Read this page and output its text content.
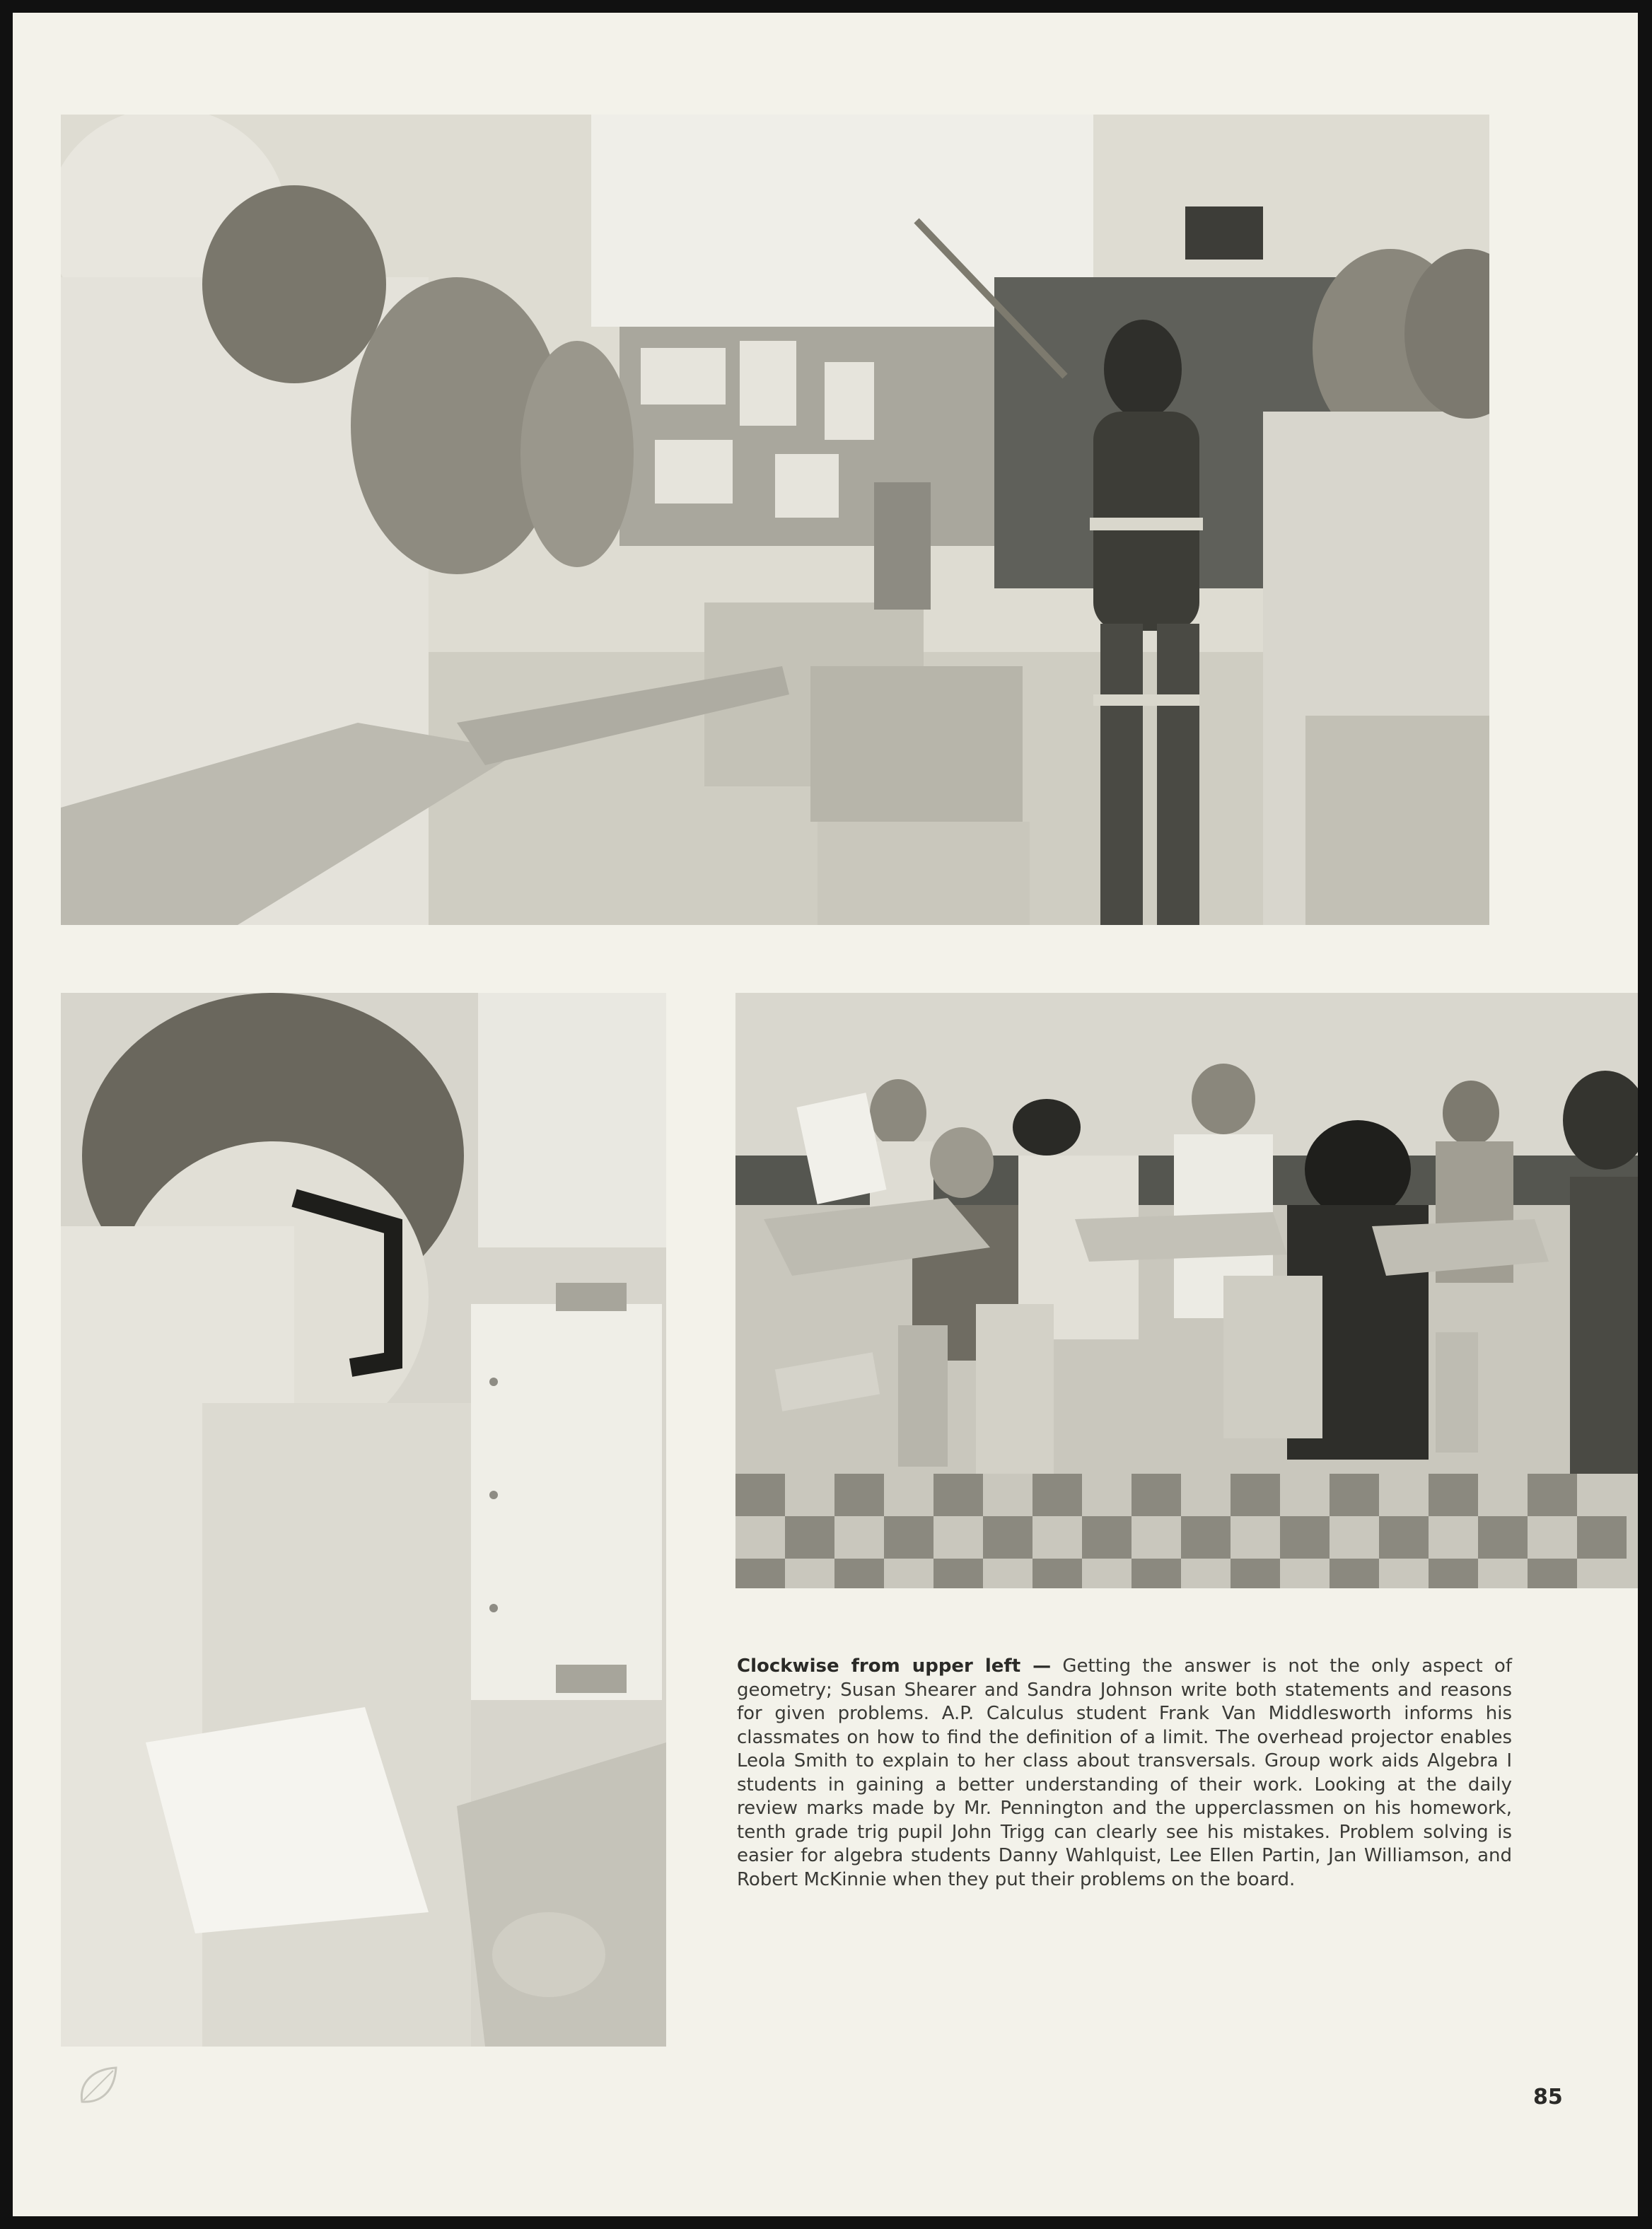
Clockwise from upper left — Getting the answer is not the only aspect of geometry; Susan Shearer and Sandra Johnson write both statements and reasons for given problems. A.P. Calculus student Frank Van Middlesworth informs his classmates on how to find the definition of a limit. The overhead projector enables Leola Smith to explain to her class about transversals. Group work aids Algebra I students in gaining a better understanding of their work. Looking at the daily review marks made by Mr. Pennington and the upperclassmen on his homework, tenth grade trig pupil John Trigg can clearly see his mistakes. Problem solving is easier for algebra students Danny Wahlquist, Lee Ellen Partin, Jan Williamson, and Robert McKinnie when they put their problems on the board.

85
